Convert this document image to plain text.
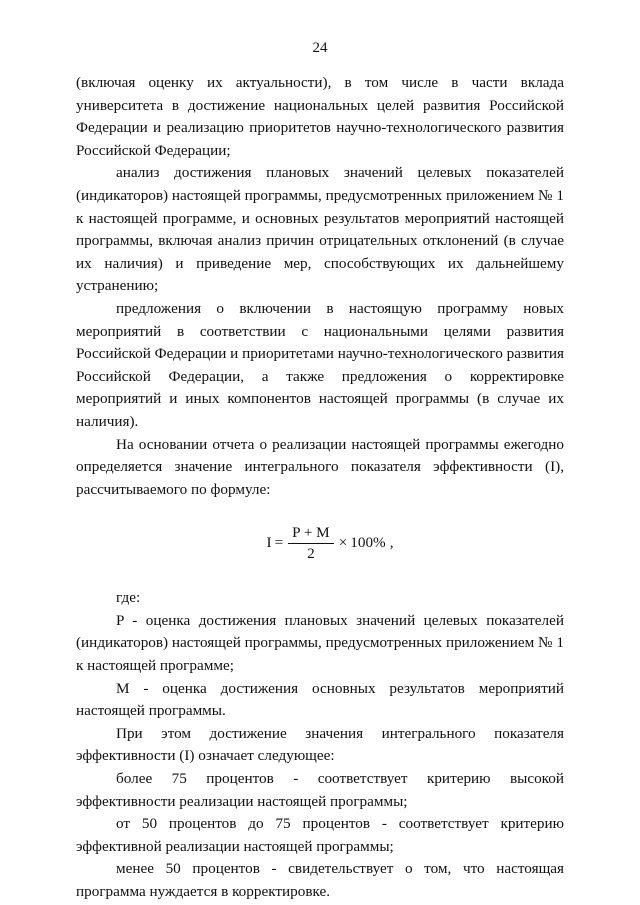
24

(включая оценку их актуальности), в том числе в части вклада университета в достижение национальных целей развития Российской Федерации и реализацию приоритетов научно-технологического развития Российской Федерации;

анализ достижения плановых значений целевых показателей (индикаторов) настоящей программы, предусмотренных приложением № 1 к настоящей программе, и основных результатов мероприятий настоящей программы, включая анализ причин отрицательных отклонений (в случае их наличия) и приведение мер, способствующих их дальнейшему устранению;

предложения о включении в настоящую программу новых мероприятий в соответствии с национальными целями развития Российской Федерации и приоритетами научно-технологического развития Российской Федерации, а также предложения о корректировке мероприятий и иных компонентов настоящей программы (в случае их наличия).

На основании отчета о реализации настоящей программы ежегодно определяется значение интегрального показателя эффективности (I), рассчитываемого по формуле:

$I = \frac{P + M}{2} \times 100\%$ ,

где:

P - оценка достижения плановых значений целевых показателей (индикаторов) настоящей программы, предусмотренных приложением № 1 к настоящей программе;

M - оценка достижения основных результатов мероприятий настоящей программы.

При этом достижение значения интегрального показателя эффективности (I) означает следующее:

более 75 процентов - соответствует критерию высокой эффективности реализации настоящей программы;

от 50 процентов до 75 процентов - соответствует критерию эффективной реализации настоящей программы;

менее 50 процентов - свидетельствует о том, что настоящая программа нуждается в корректировке.
